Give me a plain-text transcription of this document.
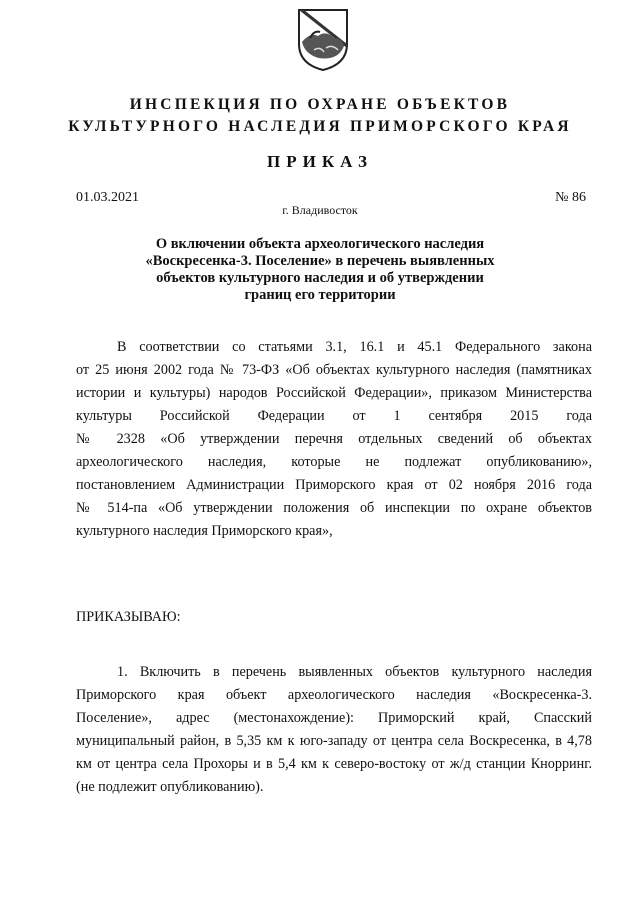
ИНСПЕКЦИЯ ПО ОХРАНЕ ОБЪЕКТОВ
КУЛЬТУРНОГО НАСЛЕДИЯ ПРИМОРСКОГО КРАЯ
ПРИКАЗ
01.03.2021	№ 86
г. Владивосток
О включении объекта археологического наследия
«Воскресенка-3. Поселение» в перечень выявленных
объектов культурного наследия и об утверждении
границ его территории
В соответствии со статьями 3.1, 16.1 и 45.1 Федерального закона
от 25 июня 2002 года № 73-ФЗ «Об объектах культурного наследия (памятниках
истории и культуры) народов Российской Федерации», приказом Министерства
культуры Российской Федерации от 1 сентября 2015 года
№ 2328 «Об утверждении перечня отдельных сведений об объектах
археологического наследия, которые не подлежат опубликованию»,
постановлением Администрации Приморского края от 02 ноября 2016 года
№ 514-па «Об утверждении положения об инспекции по охране объектов
культурного наследия Приморского края»,
ПРИКАЗЫВАЮ:
1. Включить в перечень выявленных объектов культурного наследия
Приморского края объект археологического наследия «Воскресенка-3.
Поселение», адрес (местонахождение): Приморский край, Спасский
муниципальный район, в 5,35 км к юго-западу от центра села Воскресенка, в 4,78
км от центра села Прохоры и в 5,4 км к северо-востоку от ж/д станции Кнорринг.
(не подлежит опубликованию).
